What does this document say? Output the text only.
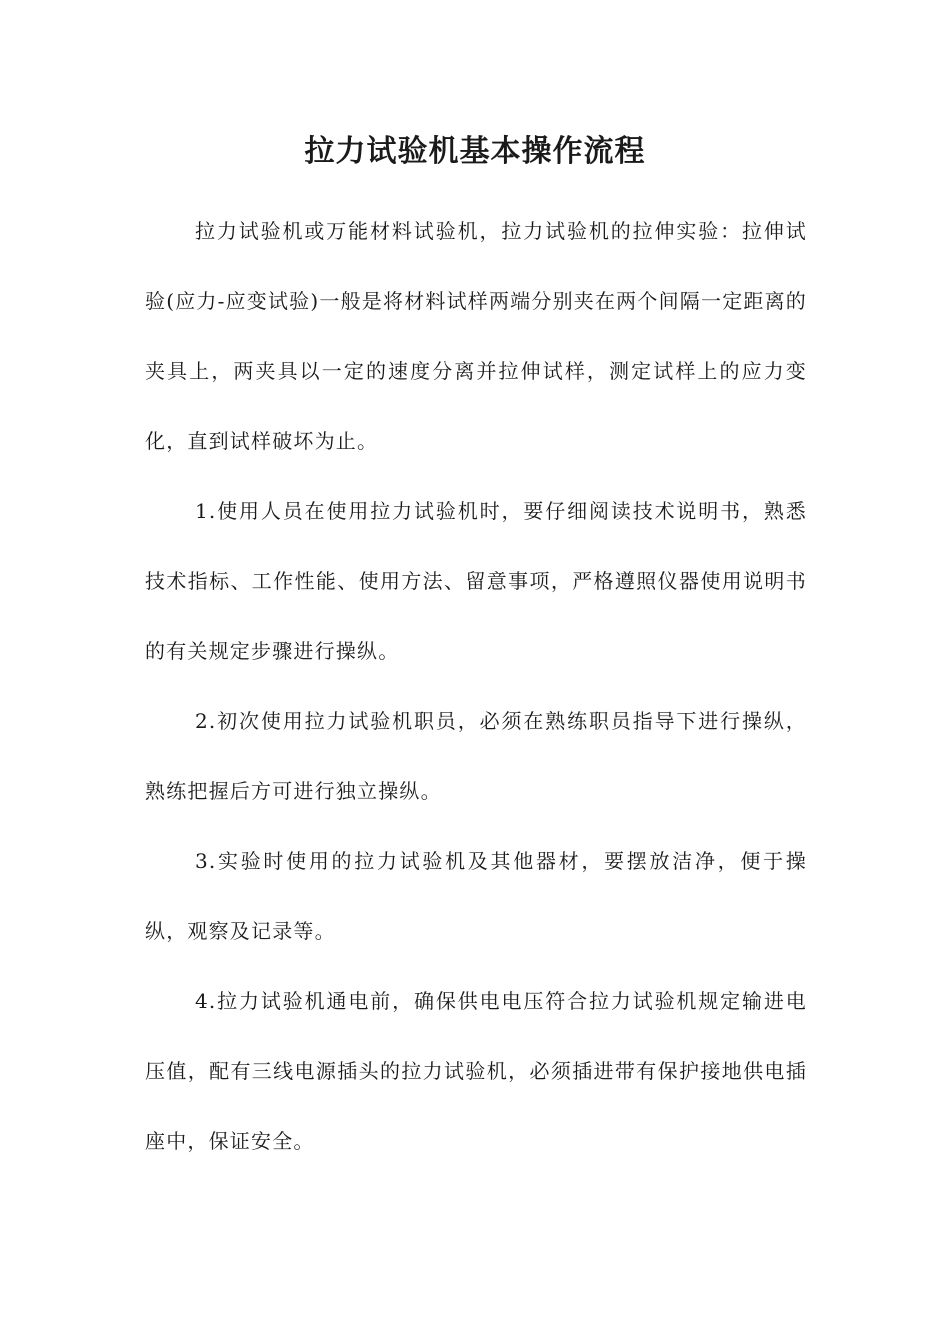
拉力试验机基本操作流程

拉力试验机或万能材料试验机，拉力试验机的拉伸实验：拉伸试验(应力-应变试验)一般是将材料试样两端分别夹在两个间隔一定距离的夹具上，两夹具以一定的速度分离并拉伸试样，测定试样上的应力变化，直到试样破坏为止。

1.使用人员在使用拉力试验机时，要仔细阅读技术说明书，熟悉技术指标、工作性能、使用方法、留意事项，严格遵照仪器使用说明书的有关规定步骤进行操纵。

2.初次使用拉力试验机职员，必须在熟练职员指导下进行操纵，熟练把握后方可进行独立操纵。

3.实验时使用的拉力试验机及其他器材，要摆放洁净，便于操纵，观察及记录等。

4.拉力试验机通电前，确保供电电压符合拉力试验机规定输进电压值，配有三线电源插头的拉力试验机，必须插进带有保护接地供电插座中，保证安全。
